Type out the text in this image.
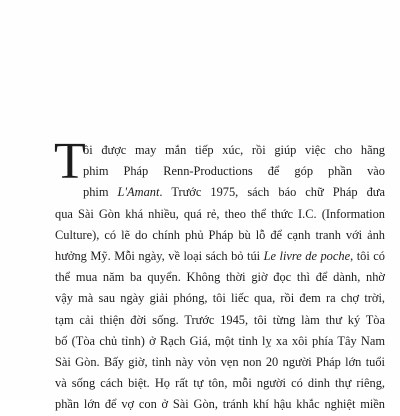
T
ôi được may mắn tiếp xúc, rồi giúp việc cho hãng
phim Pháp Renn-Productions để góp phần vào
phim L'Amant. Trước 1975, sách báo chữ Pháp đưa
qua Sài Gòn khá nhiều, quá rẻ, theo thể thức I.C. (Information
Culture), có lẽ do chính phủ Pháp bù lỗ để cạnh tranh với ảnh
hưởng Mỹ. Mỗi ngày, về loại sách bỏ túi Le livre de poche, tôi có
thể mua năm ba quyển. Không thời giờ đọc thì để dành, nhờ
vậy mà sau ngày giải phóng, tôi liếc qua, rồi đem ra chợ trời,
tạm cải thiện đời sống. Trước 1945, tôi từng làm thư ký Tòa
bố (Tòa chủ tỉnh) ở Rạch Giá, một tỉnh lỵ xa xôi phía Tây Nam
Sài Gòn. Bấy giờ, tỉnh này vỏn vẹn non 20 người Pháp lớn tuổi
và sống cách biệt. Họ rất tự tôn, mỗi người có dinh thự riêng,
phần lớn để vợ con ở Sài Gòn, tránh khí hậu khắc nghiệt miền
